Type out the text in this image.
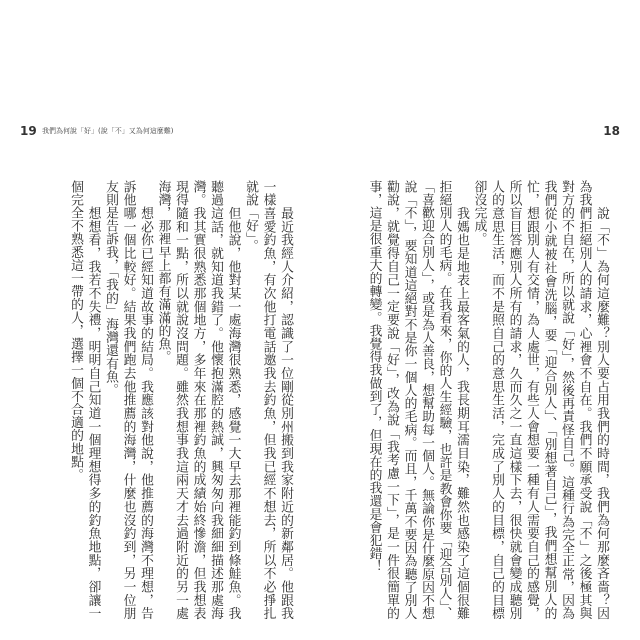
19 我們為何說「好」(說「不」又為何這麼難)

　　最近我經人介紹，認識了一位剛從別州搬到我家附近的新鄰居。他跟我一樣喜愛釣魚，有次他打電話邀我去釣魚，但我已經不想去，所以不必掙扎就說「好」。

　　但他說，他對某一處海灣很熟悉，感覺一大早去那裡能釣到條鮭魚。我聽過這話，就知道我錯了。他懷抱滿腔的熱誠，興匆匆向我細細描述那處海灣。我其實很熟悉那個地方，多年來在那裡釣魚的成績始終慘澹，但我想表現得隨和一點，所以就說沒問題。雖然我想事我這兩天才去過附近的另一處海灣，那裡早上都有滿滿的魚。

　　想必你已經知道故事的結局。我應該對他說，他推薦的海灣不理想，告訴他哪一個比較好。結果我們跑去他推薦的海灣，什麼也沒釣到，另一位朋友則是告訴我，「我的」海灣還有魚。

　　想想看，我若不失禮，明明自己知道一個理想得多的釣魚地點，卻讓一個完全不熟悉這一帶的人，選擇一個不合適的地點。

18

　　說「不」為何這麼難？別人要占用我們的時間，我們為何那麼吝嗇？因為我們拒絕別人的請求，心裡會不自在。我們不願承受說「不」之後極其與對方的不自在，所以就說「好」，然後再責怪自己。這種行為完全正常，因為我們從小就被社會洗腦，要「迎合別人」、「別想著自己」，我們想幫別人的忙，想跟別人有交情，為人處世，有些人會想要一種有人需要自己的感覺，所以盲目答應別人所有的請求，久而久之一直這樣下去，很快就會變成聽別人的意思生活，而不是照自己的意思生活，完成了別人的目標，自己的目標卻沒完成。

　　我媽也是地表上最客氣的人，我長期耳濡目染，難然也感染了這個很難拒絕別人的毛病。在我看來，你的人生經驗，也許是教會你要「迎合別人」、「喜歡迎合別人」，或是為人善良，想幫助每一個人。無論你是什麼原因不想說「不」，要知道這絕對不是你一個人的毛病。而且，千萬不要因為聽了別人勸說，就覺得自己一定要說「好」，改為說「我考慮一下」，是一件很簡單的事，這是很重大的轉變。我覺得我做到了，但現在的我還是會犯錯！
